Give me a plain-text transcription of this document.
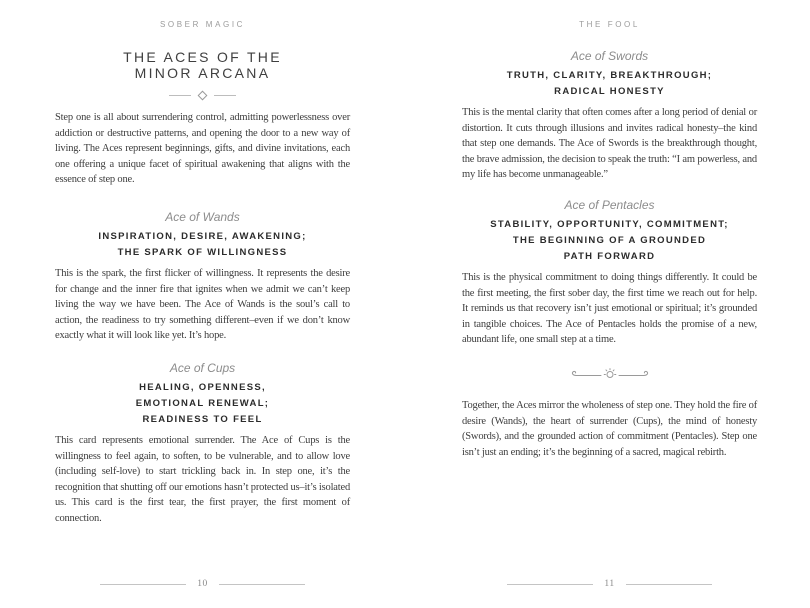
SOBER MAGIC
THE ACES OF THE
MINOR ARCANA

Step one is all about surrendering control, admitting powerlessness over addiction or destructive patterns, and opening the door to a new way of living. The Aces represent beginnings, gifts, and divine invitations, each one offering a unique facet of spiritual awakening that aligns with the essence of step one.

Ace of Wands
INSPIRATION, DESIRE, AWAKENING;
THE SPARK OF WILLINGNESS

This is the spark, the first flicker of willingness. It represents the desire for change and the inner fire that ignites when we admit we can’t keep living the way we have been. The Ace of Wands is the soul’s call to action, the readiness to try something different–even if we don’t know exactly what it will look like yet. It’s hope.

Ace of Cups
HEALING, OPENNESS,
EMOTIONAL RENEWAL;
READINESS TO FEEL

This card represents emotional surrender. The Ace of Cups is the willingness to feel again, to soften, to be vulnerable, and to allow love (including self-love) to start trickling back in. In step one, it’s the recognition that shutting off our emotions hasn’t protected us–it’s isolated us. This card is the first tear, the first prayer, the first moment of connection.

10
THE FOOL
Ace of Swords
TRUTH, CLARITY, BREAKTHROUGH;
RADICAL HONESTY

This is the mental clarity that often comes after a long period of denial or distortion. It cuts through illusions and invites radical honesty–the kind that step one demands. The Ace of Swords is the breakthrough thought, the brave admission, the decision to speak the truth: “I am powerless, and my life has become unmanageable.”

Ace of Pentacles
STABILITY, OPPORTUNITY, COMMITMENT;
THE BEGINNING OF A GROUNDED
PATH FORWARD

This is the physical commitment to doing things differently. It could be the first meeting, the first sober day, the first time we reach out for help. It reminds us that recovery isn’t just emotional or spiritual; it’s grounded in tangible choices. The Ace of Pentacles holds the promise of a new, abundant life, one small step at a time.

Together, the Aces mirror the wholeness of step one. They hold the fire of desire (Wands), the heart of surrender (Cups), the mind of honesty (Swords), and the grounded action of commitment (Pentacles). Step one isn’t just an ending; it’s the beginning of a sacred, magical rebirth.

11
